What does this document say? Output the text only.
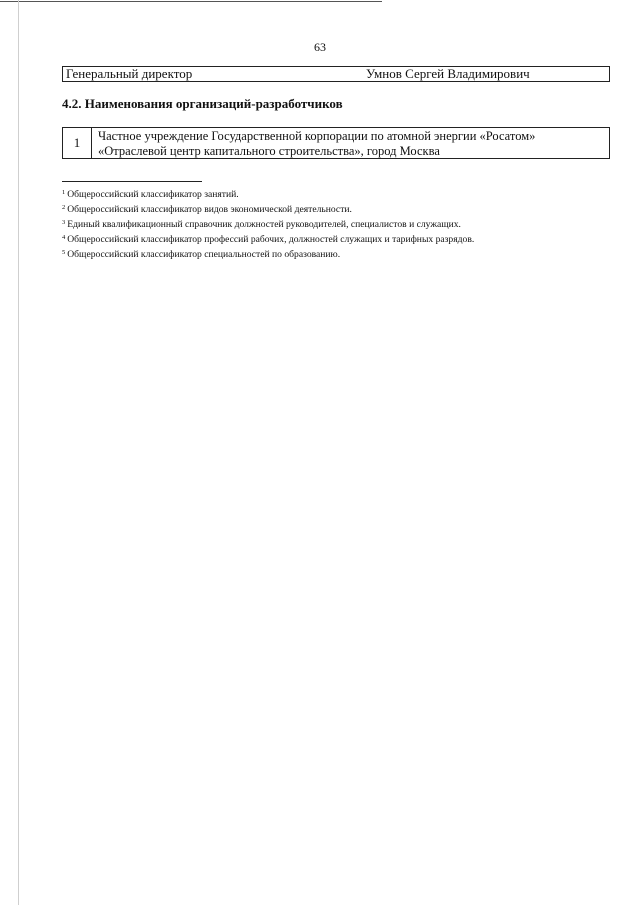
63
Генеральный директор	Умнов Сергей Владимирович
4.2. Наименования организаций-разработчиков
1	Частное учреждение Государственной корпорации по атомной энергии «Росатом»
«Отраслевой центр капитального строительства», город Москва
$^1$ Общероссийский классификатор занятий.
$^2$ Общероссийский классификатор видов экономической деятельности.
$^3$ Единый квалификационный справочник должностей руководителей, специалистов и служащих.
$^4$ Общероссийский классификатор профессий рабочих, должностей служащих и тарифных разрядов.
$^5$ Общероссийский классификатор специальностей по образованию.
